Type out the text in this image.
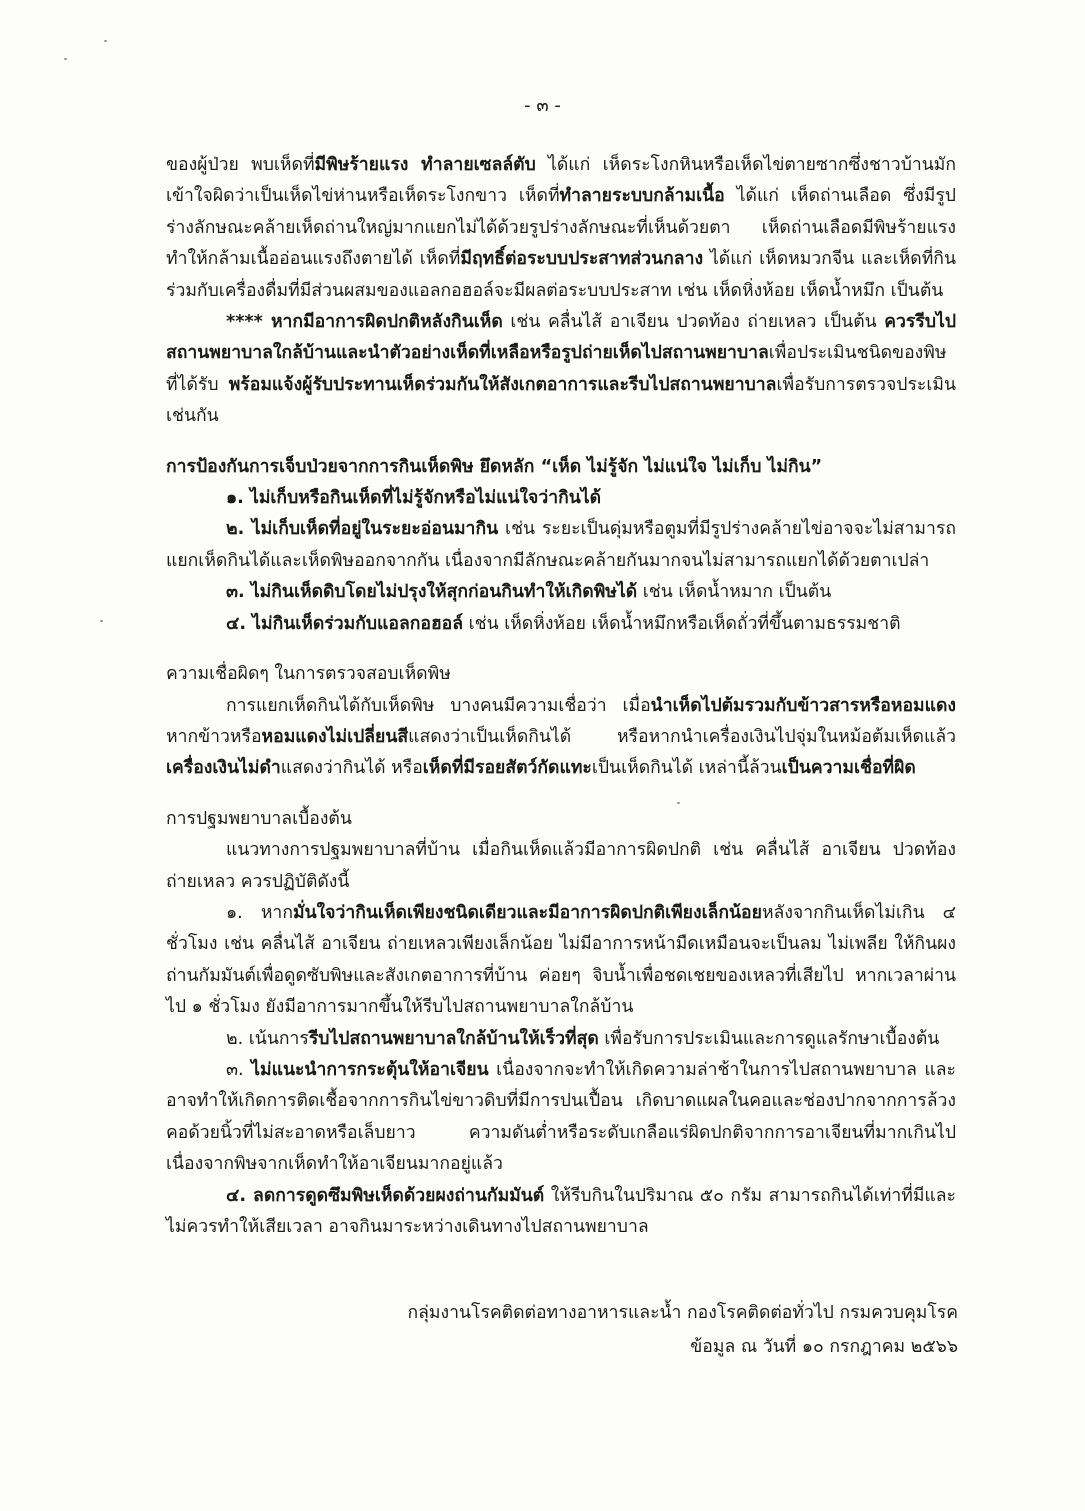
- ๓ -

ของผู้ป่วย พบเห็ดที่มีพิษร้ายแรง ทำลายเซลล์ตับ ได้แก่ เห็ดระโงกหินหรือเห็ดไข่ตายซากซึ่งชาวบ้านมักเข้าใจผิดว่าเป็นเห็ดไข่ห่านหรือเห็ดระโงกขาว เห็ดที่ทำลายระบบกล้ามเนื้อ ได้แก่ เห็ดถ่านเลือด ซึ่งมีรูปร่างลักษณะคล้ายเห็ดถ่านใหญ่มากแยกไม่ได้ด้วยรูปร่างลักษณะที่เห็นด้วยตา เห็ดถ่านเลือดมีพิษร้ายแรงทำให้กล้ามเนื้ออ่อนแรงถึงตายได้ เห็ดที่มีฤทธิ์ต่อระบบประสาทส่วนกลาง ได้แก่ เห็ดหมวกจีน และเห็ดที่กินร่วมกับเครื่องดื่มที่มีส่วนผสมของแอลกอฮอล์จะมีผลต่อระบบประสาท เช่น เห็ดหิ่งห้อย เห็ดน้ำหมึก เป็นต้น

**** หากมีอาการผิดปกติหลังกินเห็ด เช่น คลื่นไส้ อาเจียน ปวดท้อง ถ่ายเหลว เป็นต้น ควรรีบไปสถานพยาบาลใกล้บ้านและนำตัวอย่างเห็ดที่เหลือหรือรูปถ่ายเห็ดไปสถานพยาบาลเพื่อประเมินชนิดของพิษที่ได้รับ พร้อมแจ้งผู้รับประทานเห็ดร่วมกันให้สังเกตอาการและรีบไปสถานพยาบาลเพื่อรับการตรวจประเมินเช่นกัน

การป้องกันการเจ็บป่วยจากการกินเห็ดพิษ ยึดหลัก “เห็ด ไม่รู้จัก ไม่แน่ใจ ไม่เก็บ ไม่กิน”

๑. ไม่เก็บหรือกินเห็ดที่ไม่รู้จักหรือไม่แน่ใจว่ากินได้

๒. ไม่เก็บเห็ดที่อยู่ในระยะอ่อนมากิน เช่น ระยะเป็นดุ่มหรือตูมที่มีรูปร่างคล้ายไข่อาจจะไม่สามารถแยกเห็ดกินได้และเห็ดพิษออกจากกัน เนื่องจากมีลักษณะคล้ายกันมากจนไม่สามารถแยกได้ด้วยตาเปล่า

๓. ไม่กินเห็ดดิบโดยไม่ปรุงให้สุกก่อนกินทำให้เกิดพิษได้ เช่น เห็ดน้ำหมาก เป็นต้น

๔. ไม่กินเห็ดร่วมกับแอลกอฮอล์ เช่น เห็ดหิ่งห้อย เห็ดน้ำหมึกหรือเห็ดถั่วที่ขึ้นตามธรรมชาติ

ความเชื่อผิดๆ ในการตรวจสอบเห็ดพิษ

การแยกเห็ดกินได้กับเห็ดพิษ บางคนมีความเชื่อว่า เมื่อนำเห็ดไปต้มรวมกับข้าวสารหรือหอมแดง หากข้าวหรือหอมแดงไม่เปลี่ยนสีแสดงว่าเป็นเห็ดกินได้ หรือหากนำเครื่องเงินไปจุ่มในหม้อต้มเห็ดแล้ว เครื่องเงินไม่ดำแสดงว่ากินได้ หรือเห็ดที่มีรอยสัตว์กัดแทะเป็นเห็ดกินได้ เหล่านี้ล้วนเป็นความเชื่อที่ผิด

การปฐมพยาบาลเบื้องต้น

แนวทางการปฐมพยาบาลที่บ้าน เมื่อกินเห็ดแล้วมีอาการผิดปกติ เช่น คลื่นไส้ อาเจียน ปวดท้อง ถ่ายเหลว ควรปฏิบัติดังนี้

๑. หากมั่นใจว่ากินเห็ดเพียงชนิดเดียวและมีอาการผิดปกติเพียงเล็กน้อยหลังจากกินเห็ดไม่เกิน ๔ ชั่วโมง เช่น คลื่นไส้ อาเจียน ถ่ายเหลวเพียงเล็กน้อย ไม่มีอาการหน้ามืดเหมือนจะเป็นลม ไม่เพลีย ให้กินผงถ่านกัมมันต์เพื่อดูดซับพิษและสังเกตอาการที่บ้าน ค่อยๆ จิบน้ำเพื่อชดเชยของเหลวที่เสียไป หากเวลาผ่านไป ๑ ชั่วโมง ยังมีอาการมากขึ้นให้รีบไปสถานพยาบาลใกล้บ้าน

๒. เน้นการรีบไปสถานพยาบาลใกล้บ้านให้เร็วที่สุด เพื่อรับการประเมินและการดูแลรักษาเบื้องต้น

๓. ไม่แนะนำการกระตุ้นให้อาเจียน เนื่องจากจะทำให้เกิดความล่าช้าในการไปสถานพยาบาล และอาจทำให้เกิดการติดเชื้อจากการกินไข่ขาวดิบที่มีการปนเปื้อน เกิดบาดแผลในคอและช่องปากจากการล้วงคอด้วยนิ้วที่ไม่สะอาดหรือเล็บยาว ความดันต่ำหรือระดับเกลือแร่ผิดปกติจากการอาเจียนที่มากเกินไปเนื่องจากพิษจากเห็ดทำให้อาเจียนมากอยู่แล้ว

๔. ลดการดูดซึมพิษเห็ดด้วยผงถ่านกัมมันต์ ให้รีบกินในปริมาณ ๕๐ กรัม สามารถกินได้เท่าที่มีและไม่ควรทำให้เสียเวลา อาจกินมาระหว่างเดินทางไปสถานพยาบาล

กลุ่มงานโรคติดต่อทางอาหารและน้ำ กองโรคติดต่อทั่วไป กรมควบคุมโรค
ข้อมูล ณ วันที่ ๑๐ กรกฎาคม ๒๕๖๖
